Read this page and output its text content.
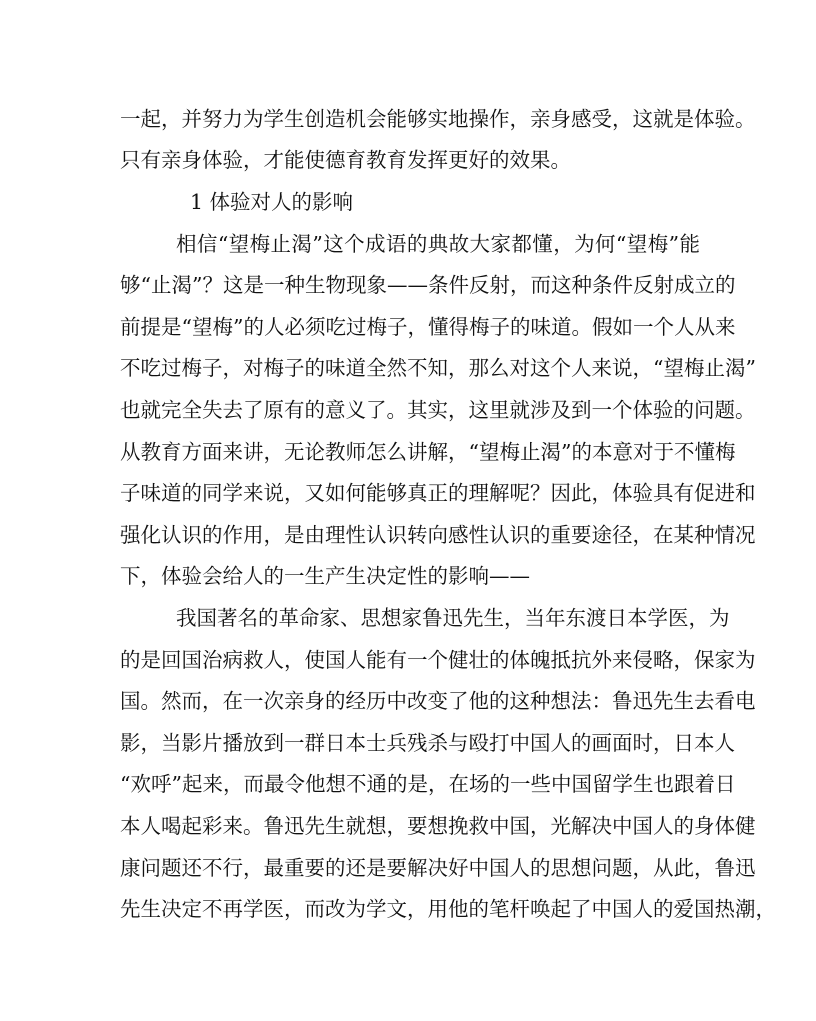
一起，并努力为学生创造机会能够实地操作，亲身感受，这就是体验。
只有亲身体验，才能使德育教育发挥更好的效果。
1 体验对人的影响
相信“望梅止渴”这个成语的典故大家都懂，为何“望梅”能
够“止渴”？这是一种生物现象——条件反射，而这种条件反射成立的
前提是“望梅”的人必须吃过梅子，懂得梅子的味道。假如一个人从来
不吃过梅子，对梅子的味道全然不知，那么对这个人来说，“望梅止渴”
也就完全失去了原有的意义了。其实，这里就涉及到一个体验的问题。
从教育方面来讲，无论教师怎么讲解，“望梅止渴”的本意对于不懂梅
子味道的同学来说，又如何能够真正的理解呢？因此，体验具有促进和
强化认识的作用，是由理性认识转向感性认识的重要途径，在某种情况
下，体验会给人的一生产生决定性的影响——
我国著名的革命家、思想家鲁迅先生，当年东渡日本学医，为
的是回国治病救人，使国人能有一个健壮的体魄抵抗外来侵略，保家为
国。然而，在一次亲身的经历中改变了他的这种想法：鲁迅先生去看电
影，当影片播放到一群日本士兵残杀与殴打中国人的画面时，日本人
“欢呼”起来，而最令他想不通的是，在场的一些中国留学生也跟着日
本人喝起彩来。鲁迅先生就想，要想挽救中国，光解决中国人的身体健
康问题还不行，最重要的还是要解决好中国人的思想问题，从此，鲁迅
先生决定不再学医，而改为学文，用他的笔杆唤起了中国人的爱国热潮，
